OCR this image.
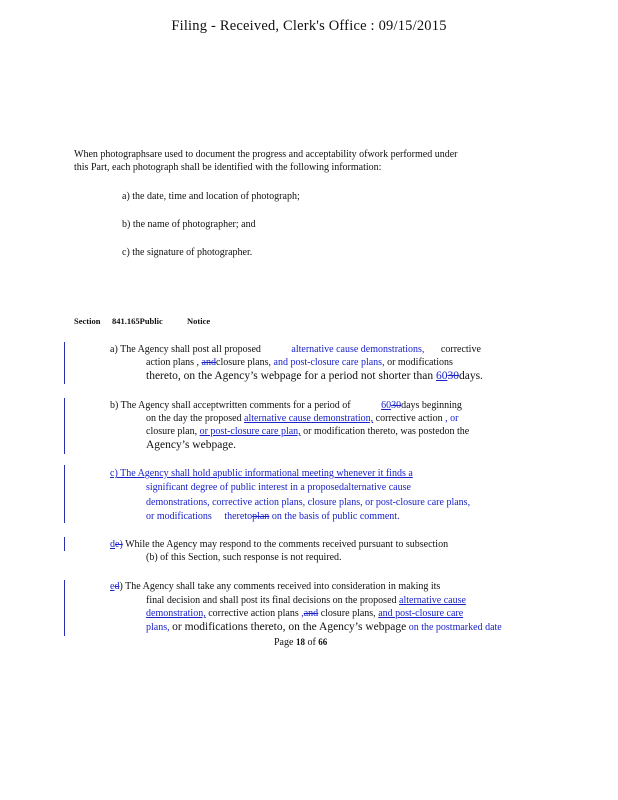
Filing - Received, Clerk's Office : 09/15/2015
When photographsare used to document the progress and acceptability ofwork performed under
this Part, each photograph shall be identified with the following information:
a) the date, time and location of photograph;
b) the name of photographer; and
c) the signature of photographer.
Section 841.165Public	Notice
a) The Agency shall post all proposed	alternative cause demonstrations, corrective
action plans , andclosure plans, and post-closure care plans, or modifications
thereto, on the Agency’s webpage for a period not shorter than 6030days.
b) The Agency shall acceptwritten comments for a period of	6030days beginning
on the day the proposed alternative cause demonstration, corrective action , or
closure plan, or post-closure care plan, or modification thereto, was postedon the
Agency’s webpage.
c) The Agency shall hold apublic informational meeting whenever it finds a
significant degree of public interest in a proposedalternative cause
demonstrations, corrective action plans, closure plans, or post-closure care plans,
or modifications theretoplan on the basis of public comment.
de) While the Agency may respond to the comments received pursuant to subsection
(b) of this Section, such response is not required.
ed) The Agency shall take any comments received into consideration in making its
final decision and shall post its final decisions on the proposed alternative cause
demonstration, corrective action plans ,and closure plans, and post-closure care
plans, or modifications thereto, on the Agency’s webpage on the postmarked date
Page 18 of 66
